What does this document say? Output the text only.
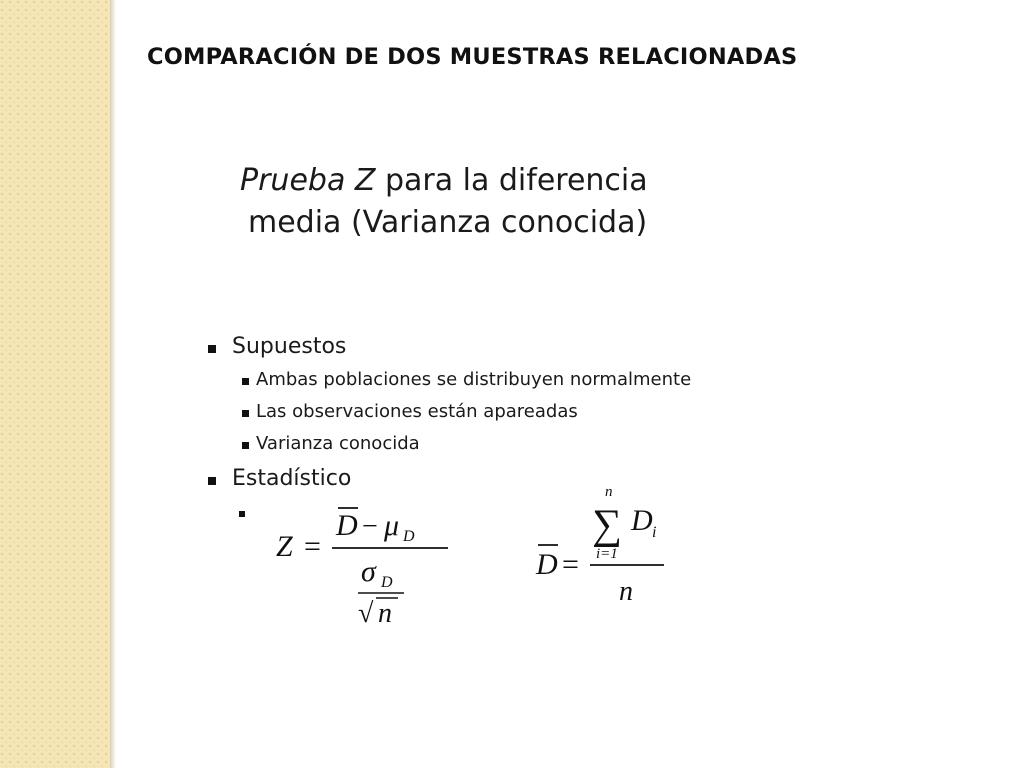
COMPARACIÓN DE DOS MUESTRAS RELACIONADAS
Prueba Z para la diferencia
media (Varianza conocida)
Supuestos
Ambas poblaciones se distribuyen normalmente
Las observaciones están apareadas
Varianza conocida
Estadístico
Z =
D − μ D
σ D
√ n
D =
n
∑
i=1
D i
n
